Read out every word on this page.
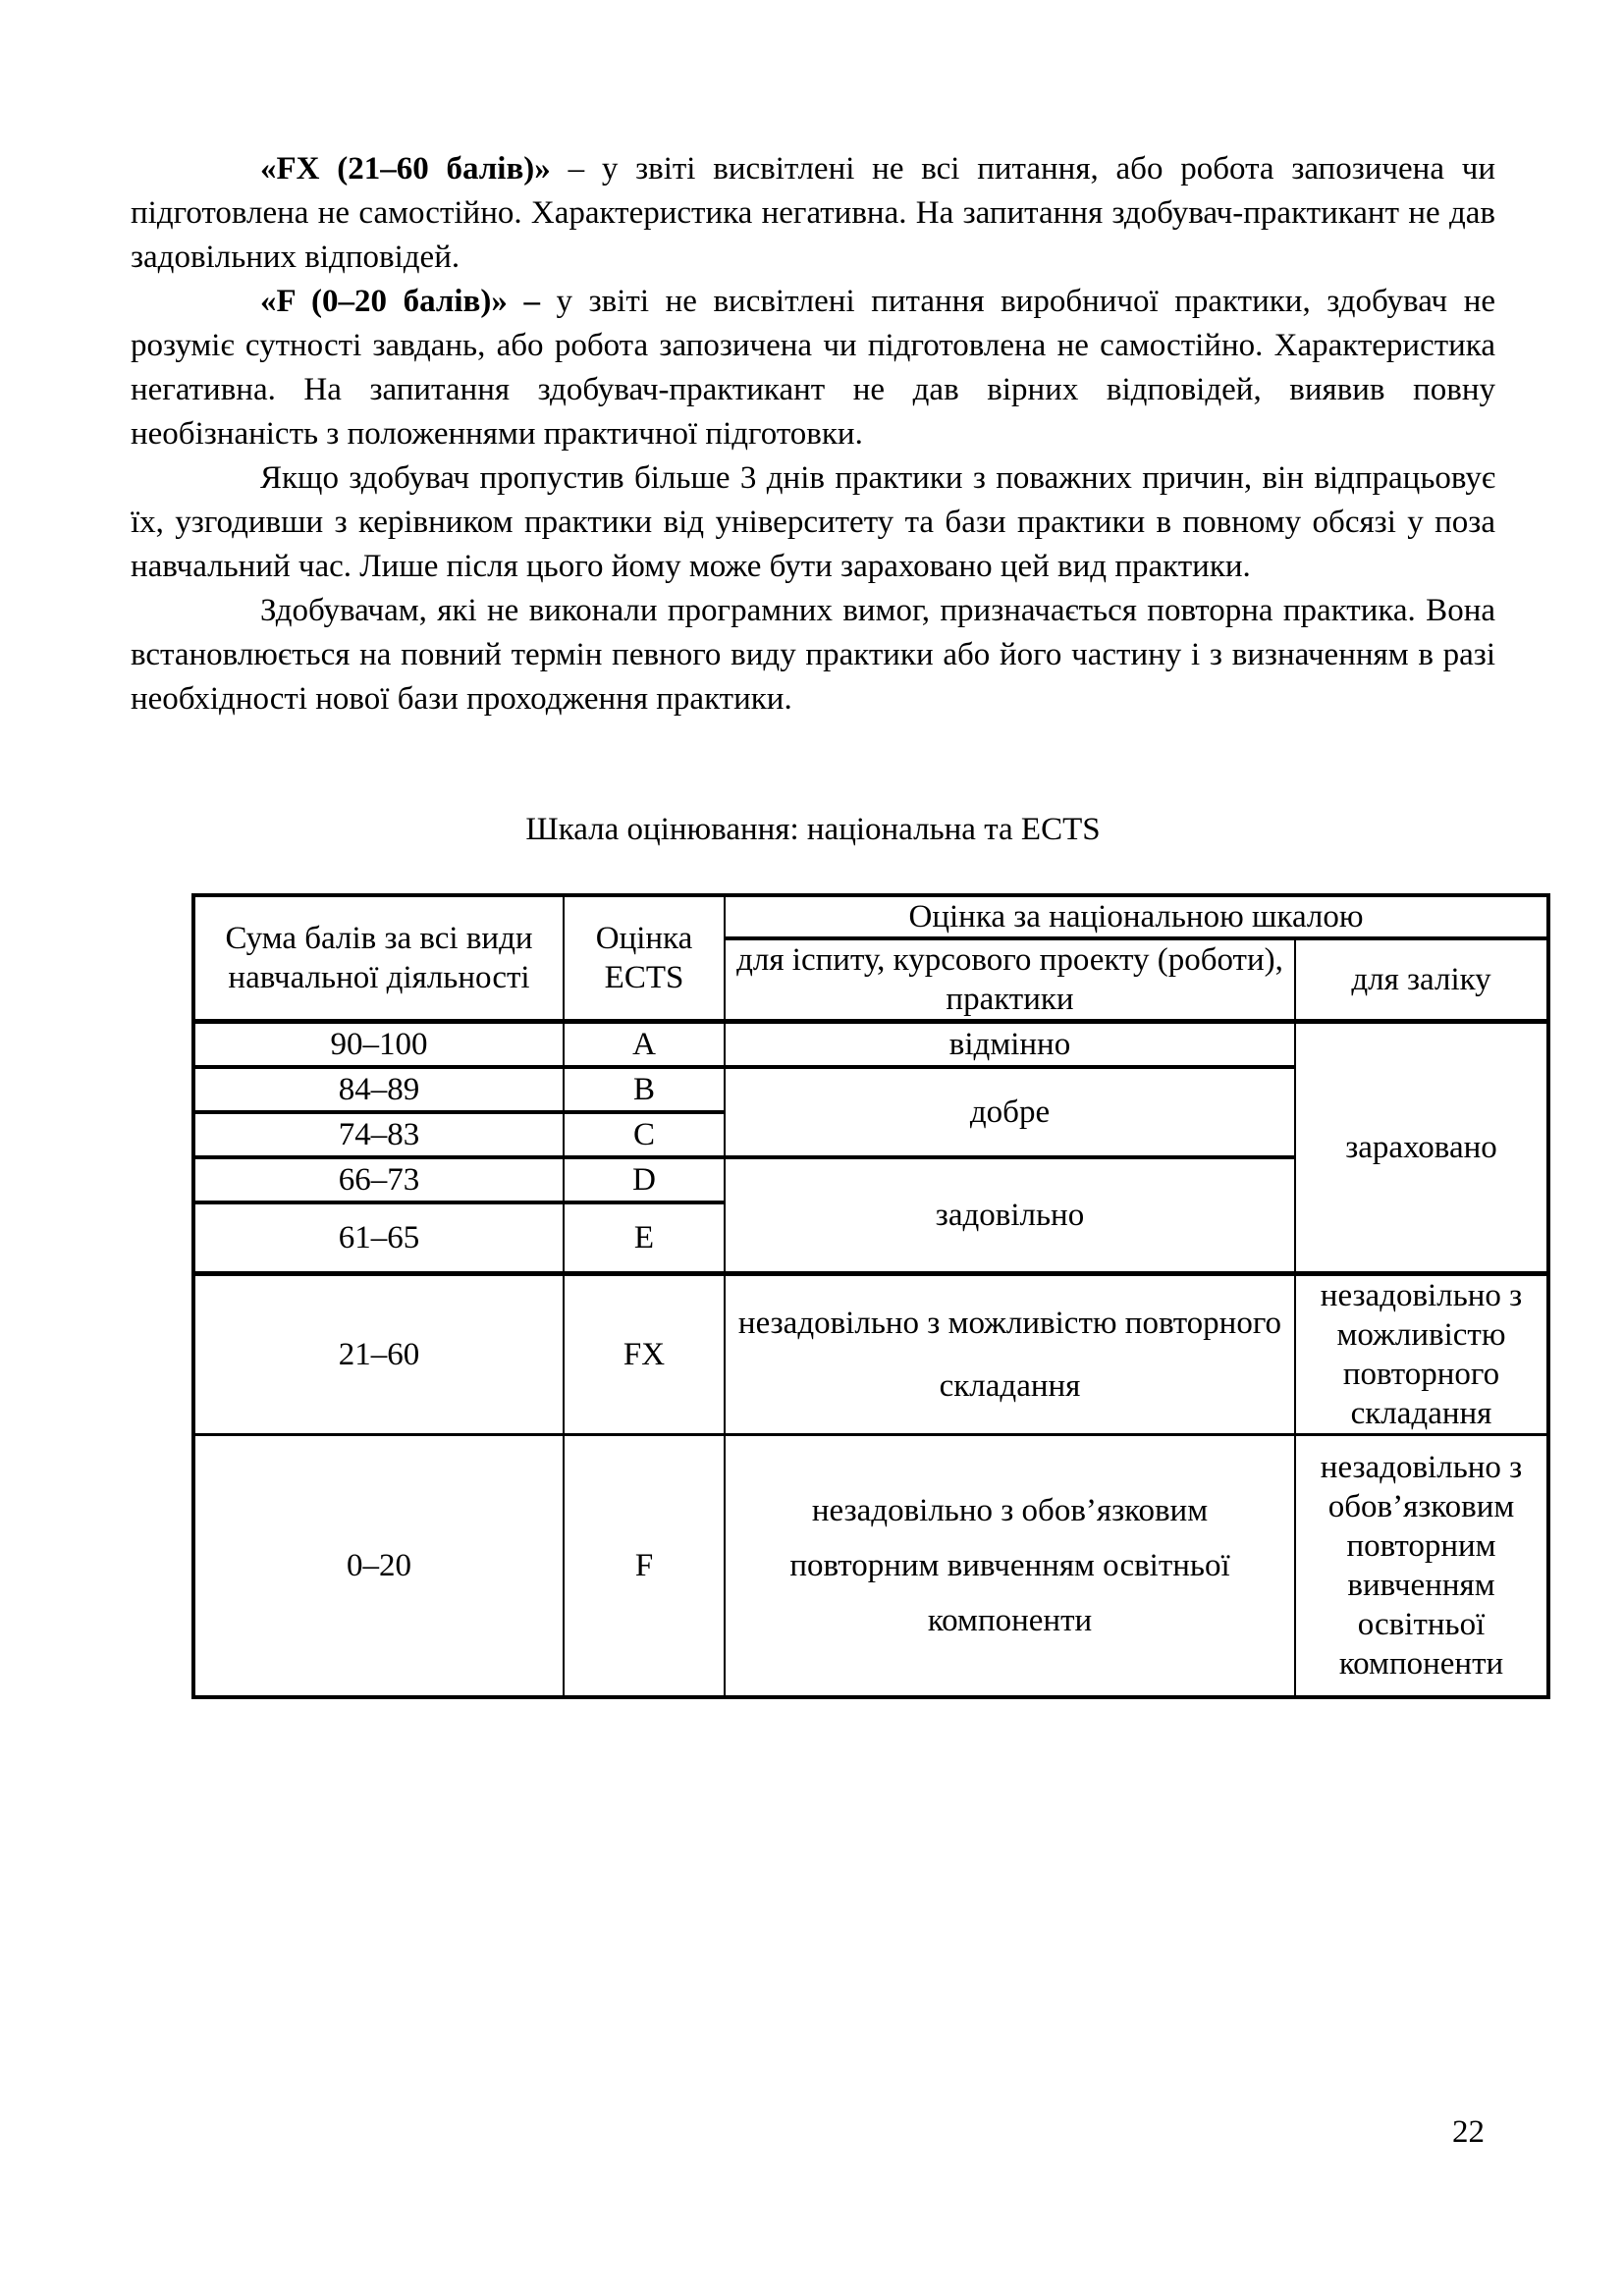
«FX (21–60 балів)» – у звіті висвітлені не всі питання, або робота запозичена чи підготовлена не самостійно. Характеристика негативна. На запитання здобувач-практикант не дав задовільних відповідей.

«F (0–20 балів)» – у звіті не висвітлені питання виробничої практики, здобувач не розуміє сутності завдань, або робота запозичена чи підготовлена не самостійно. Характеристика негативна. На запитання здобувач-практикант не дав вірних відповідей, виявив повну необізнаність з положеннями практичної підготовки.

Якщо здобувач пропустив більше 3 днів практики з поважних причин, він відпрацьовує їх, узгодивши з керівником практики від університету та бази практики в повному обсязі у поза навчальний час. Лише після цього йому може бути зараховано цей вид практики.

Здобувачам, які не виконали програмних вимог, призначається повторна практика. Вона встановлюється на повний термін певного виду практики або його частину і з визначенням в разі необхідності нової бази проходження практики.

Шкала оцінювання: національна та ECTS
Сума балів за всі види навчальної діяльності	Оцінка ECTS	Оцінка за національною шкалою	
		для іспиту, курсового проекту (роботи), практики	для заліку
90–100	A	відмінно	зараховано
84–89	B	добре	
74–83	C		
66–73	D	задовільно	
61–65	E		
21–60	FX	незадовільно з можливістю повторного складання	незадовільно з можливістю повторного складання
0–20	F	незадовільно з обов’язковим повторним вивченням освітньої компоненти	незадовільно з обов’язковим повторним вивченням освітньої компоненти
22
